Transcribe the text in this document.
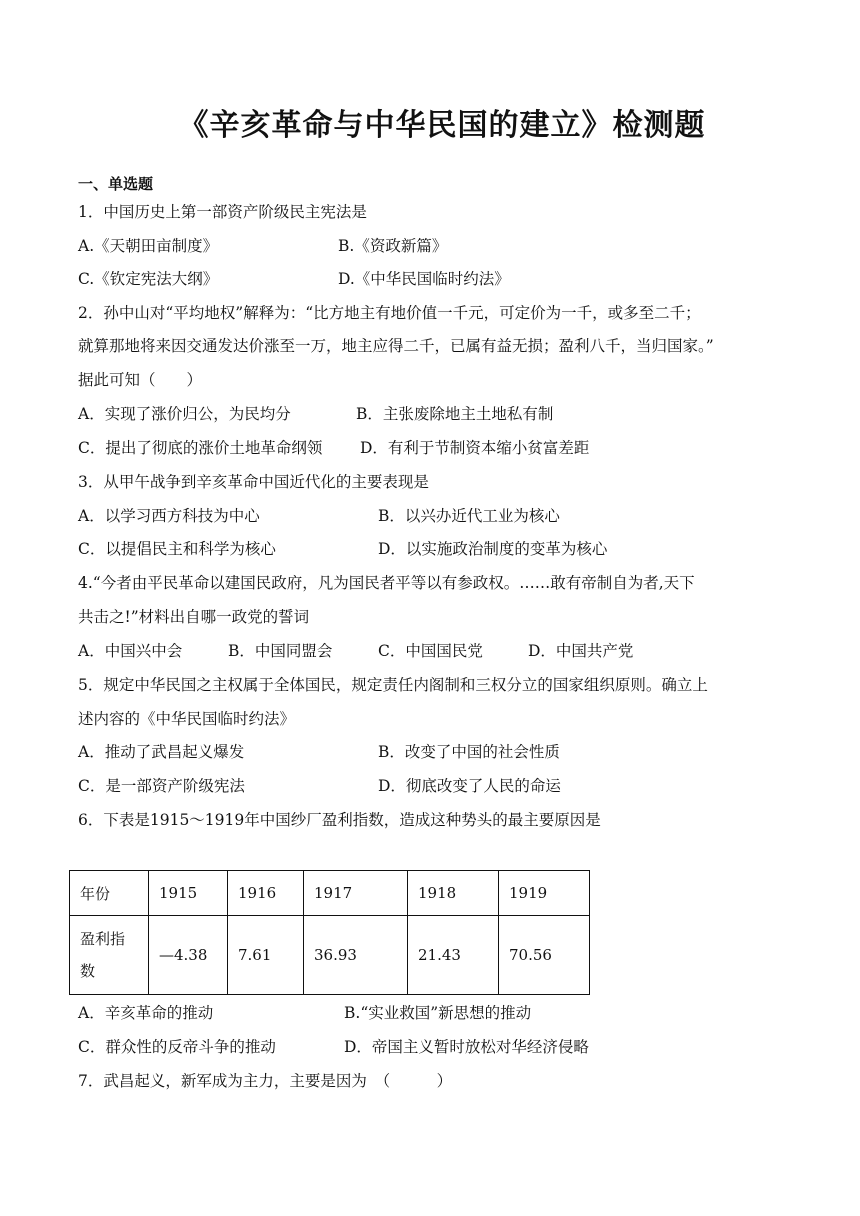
《辛亥革命与中华民国的建立》检测题
一、单选题
1．中国历史上第一部资产阶级民主宪法是
A.《天朝田亩制度》	B.《资政新篇》
C.《钦定宪法大纲》	D.《中华民国临时约法》
2．孙中山对“平均地权”解释为：“比方地主有地价值一千元，可定价为一千，或多至二千；
就算那地将来因交通发达价涨至一万，地主应得二千，已属有益无损；盈利八千，当归国家。”
据此可知（　　）
A．实现了涨价归公，为民均分	B．主张废除地主土地私有制
C．提出了彻底的涨价土地革命纲领 D．有利于节制资本缩小贫富差距
3．从甲午战争到辛亥革命中国近代化的主要表现是
A．以学习西方科技为中心	B．以兴办近代工业为核心
C．以提倡民主和科学为核心	D．以实施政治制度的变革为核心
4.“今者由平民革命以建国民政府，凡为国民者平等以有参政权。……敢有帝制自为者,天下
共击之!”材料出自哪一政党的誓词
A．中国兴中会	B．中国同盟会	C．中国国民党	D．中国共产党
5．规定中华民国之主权属于全体国民，规定责任内阁制和三权分立的国家组织原则。确立上
述内容的《中华民国临时约法》
A．推动了武昌起义爆发	B．改变了中国的社会性质
C．是一部资产阶级宪法	D．彻底改变了人民的命运
6．下表是1915～1919年中国纱厂盈利指数，造成这种势头的最主要原因是
年份	1915	1916	1917	1918	1919
盈利指
数	—4.38	7.61	36.93	21.43	70.56
A．辛亥革命的推动	B.“实业救国”新思想的推动
C．群众性的反帝斗争的推动	D．帝国主义暂时放松对华经济侵略
7．武昌起义，新军成为主力，主要是因为　（　　　）
